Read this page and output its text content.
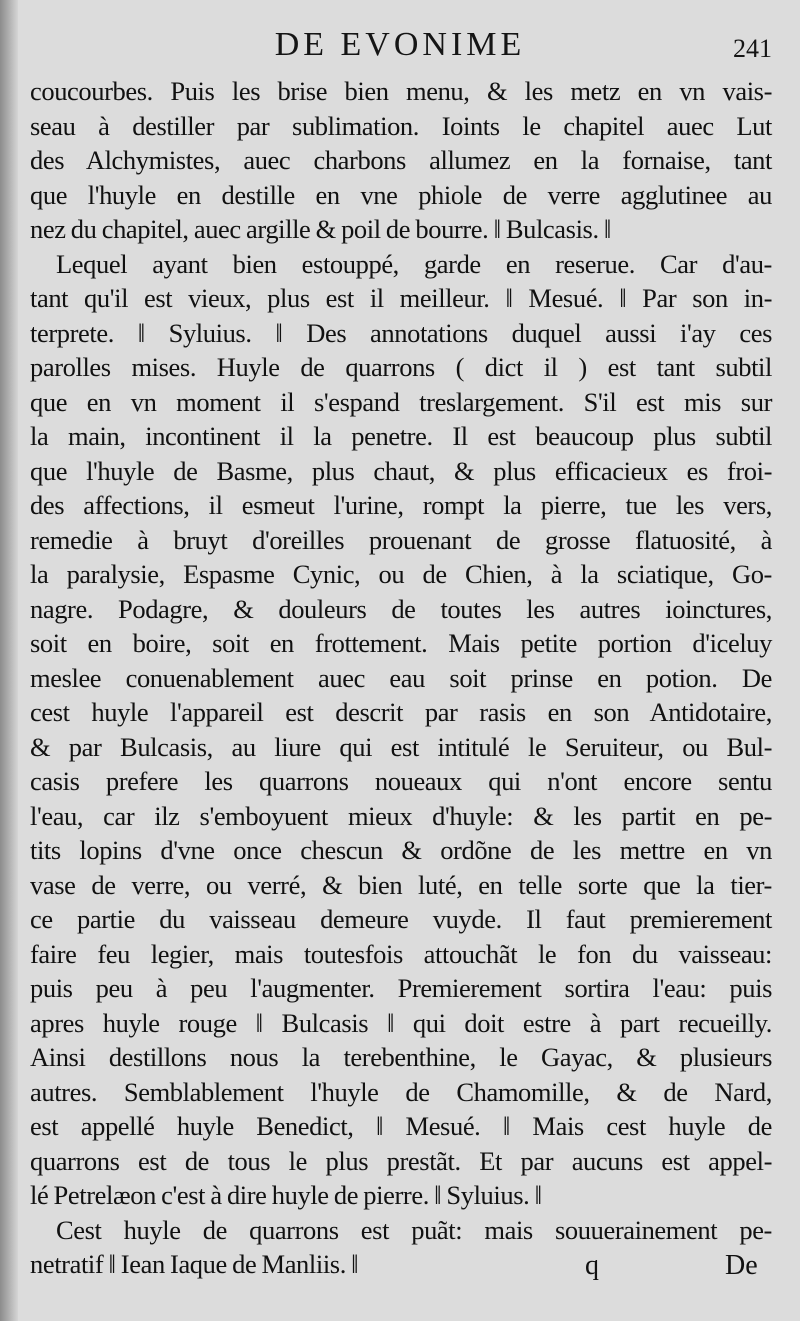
DE EVONIME	241
coucourbes. Puis les brise bien menu, & les metz en vn vais-
seau à destiller par sublimation. Ioints le chapitel auec Lut
des Alchymistes, auec charbons allumez en la fornaise, tant
que l'huyle en destille en vne phiole de verre agglutinee au
nez du chapitel, auec argille & poil de bourre. ‖ Bulcasis. ‖
Lequel ayant bien estouppé, garde en reserue. Car d'au-
tant qu'il est vieux, plus est il meilleur. ‖ Mesué. ‖ Par son in-
terprete. ‖ Syluius. ‖ Des annotations duquel aussi i'ay ces
parolles mises. Huyle de quarrons ( dict il ) est tant subtil
que en vn moment il s'espand treslargement. S'il est mis sur
la main, incontinent il la penetre. Il est beaucoup plus subtil
que l'huyle de Basme, plus chaut, & plus efficacieux es froi-
des affections, il esmeut l'urine, rompt la pierre, tue les vers,
remedie à bruyt d'oreilles prouenant de grosse flatuosité, à
la paralysie, Espasme Cynic, ou de Chien, à la sciatique, Go-
nagre. Podagre, & douleurs de toutes les autres ioinctures,
soit en boire, soit en frottement. Mais petite portion d'iceluy
meslee conuenablement auec eau soit prinse en potion. De
cest huyle l'appareil est descrit par rasis en son Antidotaire,
& par Bulcasis, au liure qui est intitulé le Seruiteur, ou Bul-
casis prefere les quarrons noueaux qui n'ont encore sentu
l'eau, car ilz s'emboyuent mieux d'huyle: & les partit en pe-
tits lopins d'vne once chescun & ordõne de les mettre en vn
vase de verre, ou verré, & bien luté, en telle sorte que la tier-
ce partie du vaisseau demeure vuyde. Il faut premierement
faire feu legier, mais toutesfois attouchãt le fon du vaisseau:
puis peu à peu l'augmenter. Premierement sortira l'eau: puis
apres huyle rouge ‖ Bulcasis ‖ qui doit estre à part recueilly.
Ainsi destillons nous la terebenthine, le Gayac, & plusieurs
autres. Semblablement l'huyle de Chamomille, & de Nard,
est appellé huyle Benedict, ‖ Mesué. ‖ Mais cest huyle de
quarrons est de tous le plus prestãt. Et par aucuns est appel-
lé Petrelæon c'est à dire huyle de pierre. ‖ Syluius. ‖
Cest huyle de quarrons est puãt: mais souuerainement pe-
netratif ‖ Iean Iaque de Manliis. ‖	q	De
